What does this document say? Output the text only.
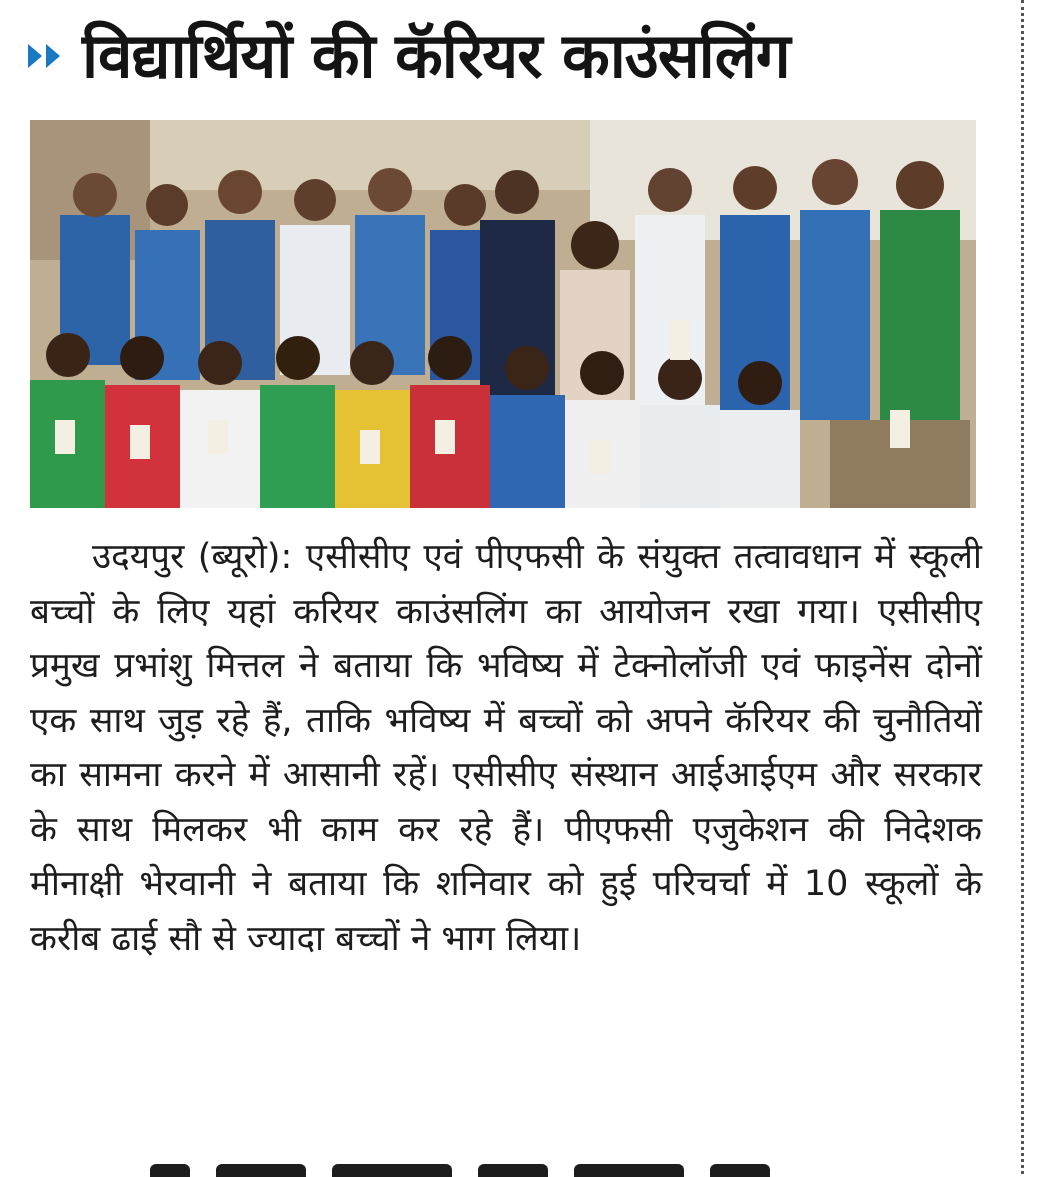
विद्यार्थियों की कॅरियर काउंसलिंग

उदयपुर (ब्यूरो): एसीसीए एवं पीएफसी के संयुक्त तत्वावधान में स्कूली बच्चों के लिए यहां करियर काउंसलिंग का आयोजन रखा गया। एसीसीए प्रमुख प्रभांशु मित्तल ने बताया कि भविष्य में टेक्नोलॉजी एवं फाइनेंस दोनों एक साथ जुड़ रहे हैं, ताकि भविष्य में बच्चों को अपने कॅरियर की चुनौतियों का सामना करने में आसानी रहें। एसीसीए संस्थान आईआईएम और सरकार के साथ मिलकर भी काम कर रहे हैं। पीएफसी एजुकेशन की निदेशक मीनाक्षी भेरवानी ने बताया कि शनिवार को हुई परिचर्चा में 10 स्कूलों के करीब ढाई सौ से ज्यादा बच्चों ने भाग लिया।
